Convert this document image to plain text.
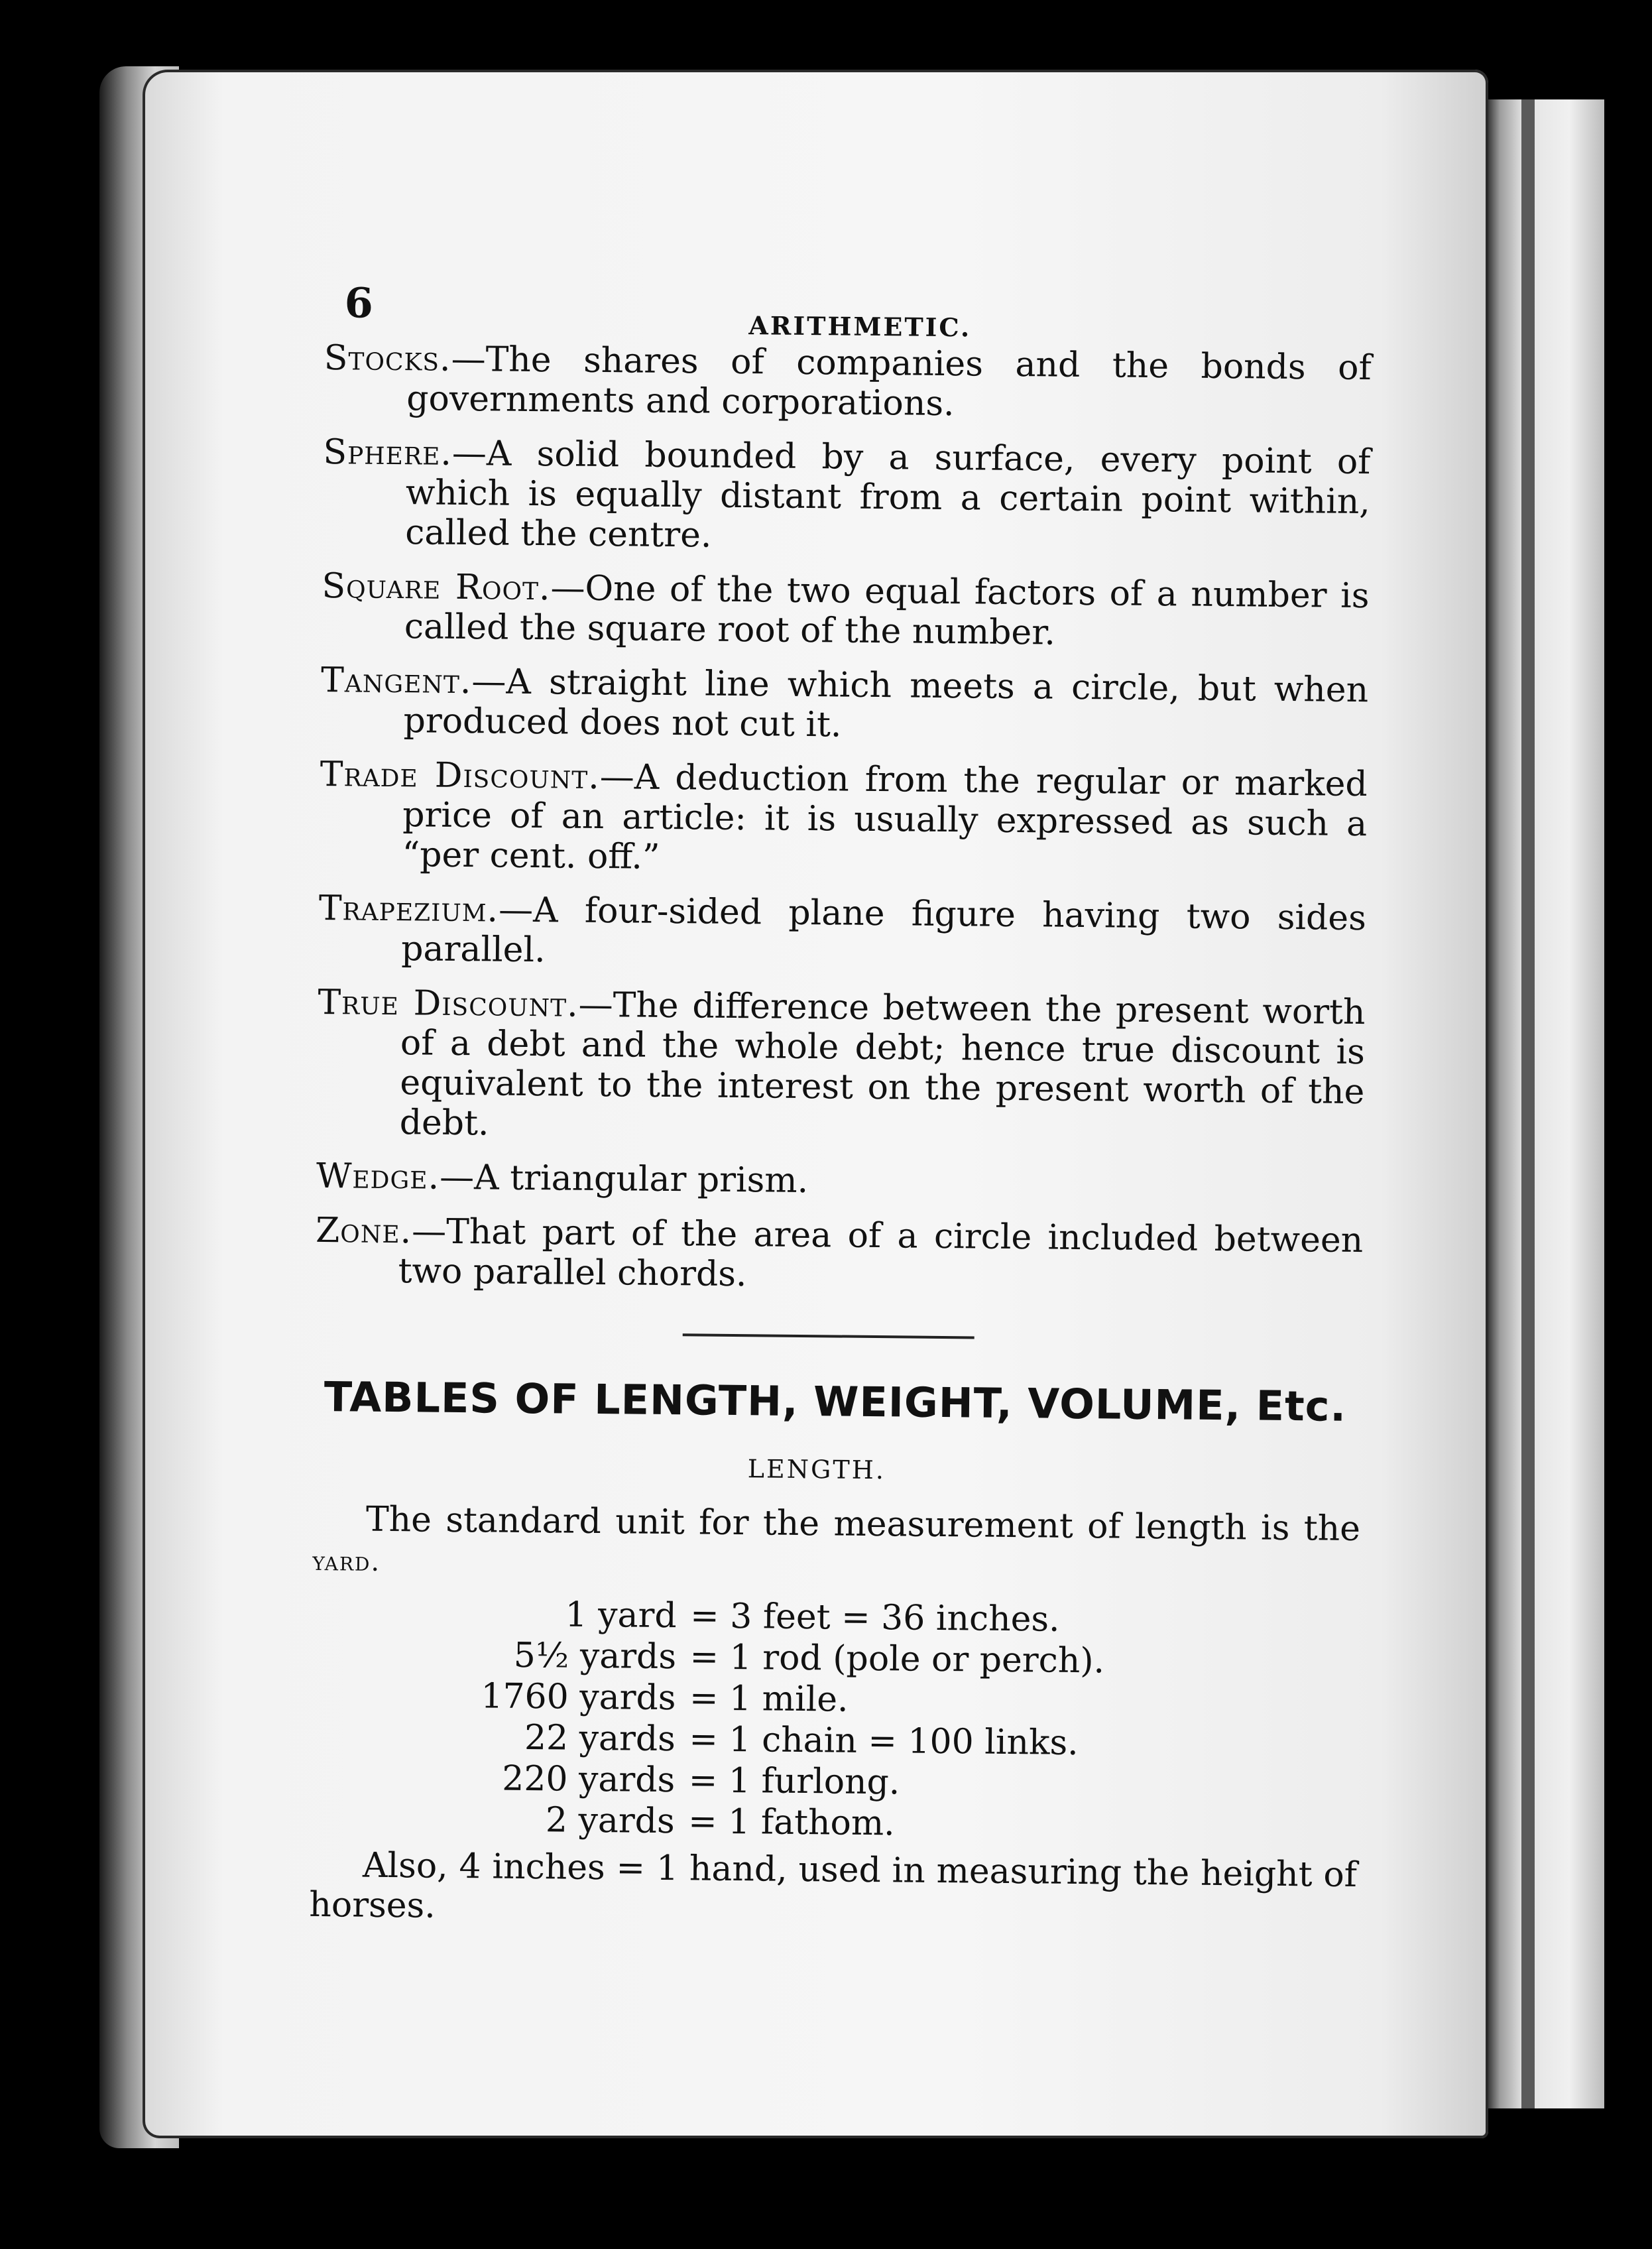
6	ARITHMETIC.

Stocks.—The shares of companies and the bonds of governments and corporations.

Sphere.—A solid bounded by a surface, every point of which is equally distant from a certain point within, called the centre.

Square Root.—One of the two equal factors of a number is called the square root of the number.

Tangent.—A straight line which meets a circle, but when produced does not cut it.

Trade Discount.—A deduction from the regular or marked price of an article: it is usually expressed as such a “per cent. off.”

Trapezium.—A four-sided plane figure having two sides parallel.

True Discount.—The difference between the present worth of a debt and the whole debt; hence true discount is equivalent to the interest on the present worth of the debt.

Wedge.—A triangular prism.

Zone.—That part of the area of a circle included between two parallel chords.

TABLES OF LENGTH, WEIGHT, VOLUME, Etc.
LENGTH.

The standard unit for the measurement of length is the yard.

1 yard = 3 feet = 36 inches.
5½ yards = 1 rod (pole or perch).
1760 yards = 1 mile.
22 yards = 1 chain = 100 links.
220 yards = 1 furlong.
2 yards = 1 fathom.

Also, 4 inches = 1 hand, used in measuring the height of horses.
